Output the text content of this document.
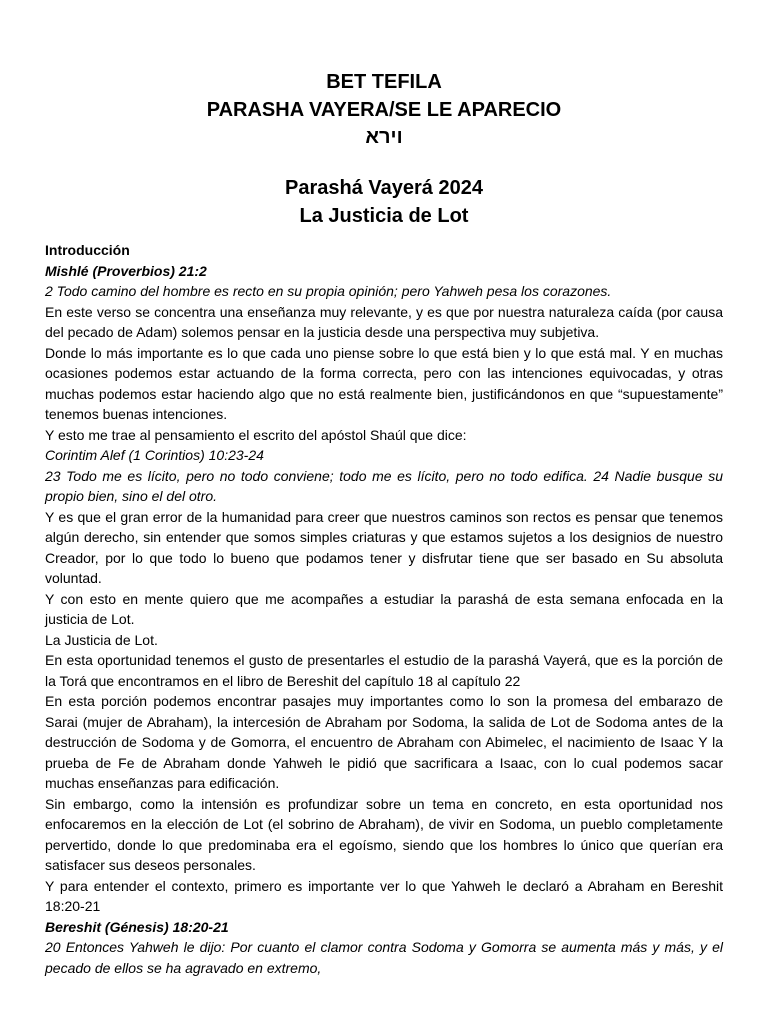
BET TEFILA

PARASHA VAYERA/SE LE APARECIO

וירא

Parashá Vayerá 2024

La Justicia de Lot

Introducción

Mishlé (Proverbios) 21:2

2 Todo camino del hombre es recto en su propia opinión; pero Yahweh pesa los corazones.

En este verso se concentra una enseñanza muy relevante, y es que por nuestra naturaleza caída (por causa del pecado de Adam) solemos pensar en la justicia desde una perspectiva muy subjetiva.

Donde lo más importante es lo que cada uno piense sobre lo que está bien y lo que está mal. Y en muchas ocasiones podemos estar actuando de la forma correcta, pero con las intenciones equivocadas, y otras muchas podemos estar haciendo algo que no está realmente bien, justificándonos en que “supuestamente” tenemos buenas intenciones.

Y esto me trae al pensamiento el escrito del apóstol Shaúl que dice:

Corintim Alef (1 Corintios) 10:23-24

23 Todo me es lícito, pero no todo conviene; todo me es lícito, pero no todo edifica. 24 Nadie busque su propio bien, sino el del otro.

Y es que el gran error de la humanidad para creer que nuestros caminos son rectos es pensar que tenemos algún derecho, sin entender que somos simples criaturas y que estamos sujetos a los designios de nuestro Creador, por lo que todo lo bueno que podamos tener y disfrutar tiene que ser basado en Su absoluta voluntad.

Y con esto en mente quiero que me acompañes a estudiar la parashá de esta semana enfocada en la justicia de Lot.

La Justicia de Lot.

En esta oportunidad tenemos el gusto de presentarles el estudio de la parashá Vayerá, que es la porción de la Torá que encontramos en el libro de Bereshit del capítulo 18 al capítulo 22

En esta porción podemos encontrar pasajes muy importantes como lo son la promesa del embarazo de Sarai (mujer de Abraham), la intercesión de Abraham por Sodoma, la salida de Lot de Sodoma antes de la destrucción de Sodoma y de Gomorra, el encuentro de Abraham con Abimelec, el nacimiento de Isaac Y la prueba de Fe de Abraham donde Yahweh le pidió que sacrificara a Isaac, con lo cual podemos sacar muchas enseñanzas para edificación.

Sin embargo, como la intensión es profundizar sobre un tema en concreto, en esta oportunidad nos enfocaremos en la elección de Lot (el sobrino de Abraham), de vivir en Sodoma, un pueblo completamente pervertido, donde lo que predominaba era el egoísmo, siendo que los hombres lo único que querían era satisfacer sus deseos personales.

Y para entender el contexto, primero es importante ver lo que Yahweh le declaró a Abraham en Bereshit 18:20-21

Bereshit (Génesis) 18:20-21

20 Entonces Yahweh le dijo: Por cuanto el clamor contra Sodoma y Gomorra se aumenta más y más, y el pecado de ellos se ha agravado en extremo,
